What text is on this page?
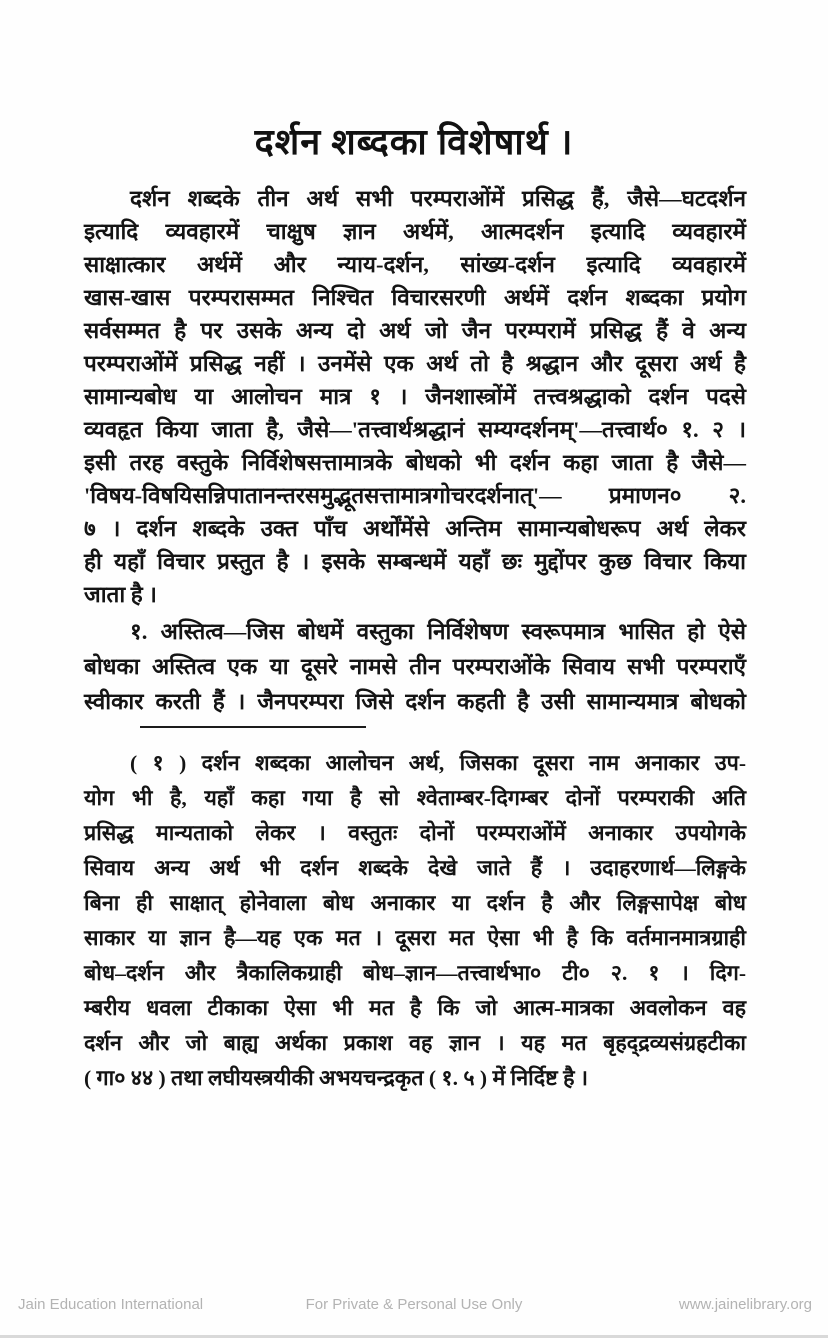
दर्शन शब्दका विशेषार्थ ।

दर्शन शब्दके तीन अर्थ सभी परम्पराओंमें प्रसिद्ध हैं, जैसे—घटदर्शन

इत्यादि व्यवहारमें चाक्षुष ज्ञान अर्थमें, आत्मदर्शन इत्यादि व्यवहारमें

साक्षात्कार अर्थमें और न्याय-दर्शन, सांख्य-दर्शन इत्यादि व्यवहारमें

खास-खास परम्परासम्मत निश्चित विचारसरणी अर्थमें दर्शन शब्दका प्रयोग

सर्वसम्मत है पर उसके अन्य दो अर्थ जो जैन परम्परामें प्रसिद्ध हैं वे अन्य

परम्पराओंमें प्रसिद्ध नहीं । उनमेंसे एक अर्थ तो है श्रद्धान और दूसरा अर्थ है

सामान्यबोध या आलोचन मात्र १ । जैनशास्त्रोंमें तत्त्वश्रद्धाको दर्शन पदसे

व्यवहृत किया जाता है, जैसे—'तत्त्वार्थश्रद्धानं सम्यग्दर्शनम्'—तत्त्वार्थ० १. २ ।

इसी तरह वस्तुके निर्विशेषसत्तामात्रके बोधको भी दर्शन कहा जाता है जैसे—

'विषय-विषयिसन्निपातानन्तरसमुद्भूतसत्तामात्रगोचरदर्शनात्'— प्रमाणन० २.

७ । दर्शन शब्दके उक्त पाँच अर्थोंमेंसे अन्तिम सामान्यबोधरूप अर्थ लेकर

ही यहाँ विचार प्रस्तुत है । इसके सम्बन्धमें यहाँ छः मुद्दोंपर कुछ विचार किया

जाता है ।

१. अस्तित्व—जिस बोधमें वस्तुका निर्विशेषण स्वरूपमात्र भासित हो ऐसे

बोधका अस्तित्व एक या दूसरे नामसे तीन परम्पराओंके सिवाय सभी परम्पराएँ

स्वीकार करती हैं । जैनपरम्परा जिसे दर्शन कहती है उसी सामान्यमात्र बोधको

( १ ) दर्शन शब्दका आलोचन अर्थ, जिसका दूसरा नाम अनाकार उप-

योग भी है, यहाँ कहा गया है सो श्वेताम्बर-दिगम्बर दोनों परम्पराकी अति

प्रसिद्ध मान्यताको लेकर । वस्तुतः दोनों परम्पराओंमें अनाकार उपयोगके

सिवाय अन्य अर्थ भी दर्शन शब्दके देखे जाते हैं । उदाहरणार्थ—लिङ्गके

बिना ही साक्षात् होनेवाला बोध अनाकार या दर्शन है और लिङ्गसापेक्ष बोध

साकार या ज्ञान है—यह एक मत । दूसरा मत ऐसा भी है कि वर्तमानमात्रग्राही

बोध–दर्शन और त्रैकालिकग्राही बोध–ज्ञान—तत्त्वार्थभा० टी० २. १ । दिग-

म्बरीय धवला टीकाका ऐसा भी मत है कि जो आत्म-मात्रका अवलोकन वह

दर्शन और जो बाह्य अर्थका प्रकाश वह ज्ञान । यह मत बृहद्द्रव्यसंग्रहटीका

( गा० ४४ ) तथा लघीयस्त्रयीकी अभयचन्द्रकृत ( १. ५ ) में निर्दिष्ट है ।

Jain Education International	For Private & Personal Use Only	www.jainelibrary.org
